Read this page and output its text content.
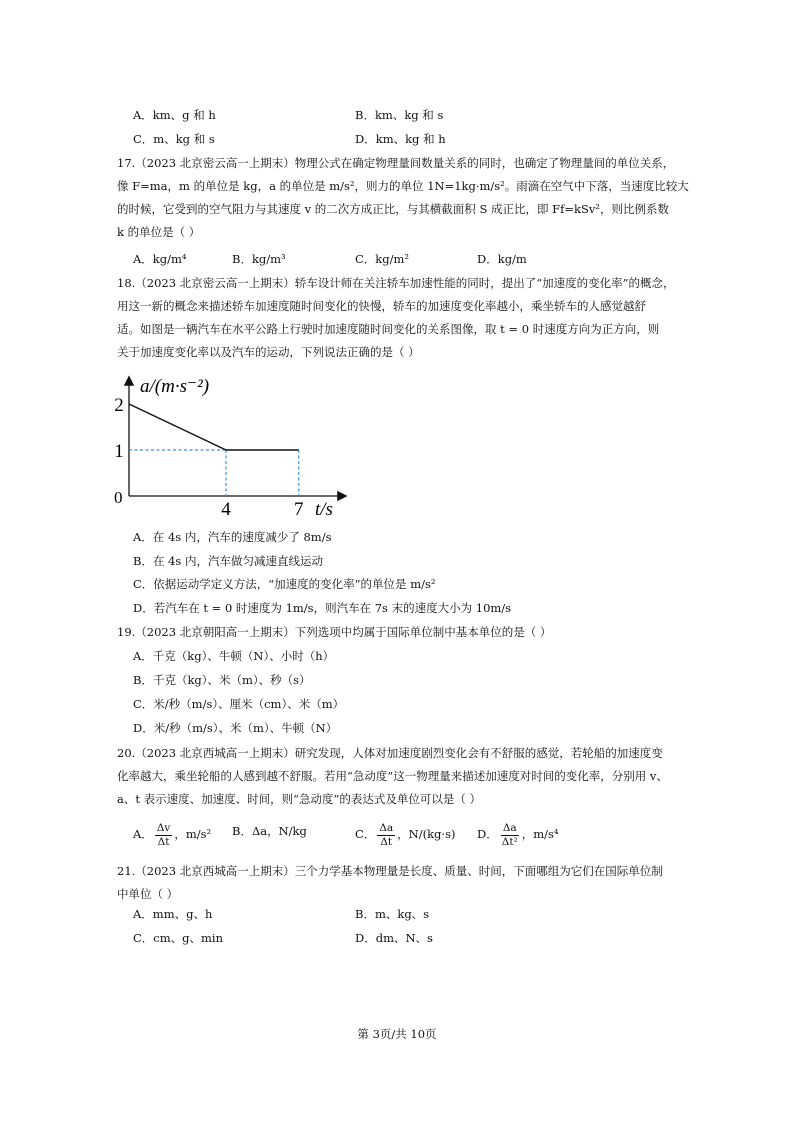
A．km、g 和 h	B．km、kg 和 s
C．m、kg 和 s	D．km、kg 和 h
17.（2023 北京密云高一上期末）物理公式在确定物理量间数量关系的同时，也确定了物理量间的单位关系，
像 F=ma，m 的单位是 kg，a 的单位是 m/s²，则力的单位 1N=1kg·m/s²。雨滴在空气中下落，当速度比较大
的时候，它受到的空气阻力与其速度 v 的二次方成正比，与其横截面积 S 成正比，即 Ff=kSv²，则比例系数
k 的单位是（ ）
A．kg/m⁴	B．kg/m³	C．kg/m²	D．kg/m
18.（2023 北京密云高一上期末）轿车设计师在关注轿车加速性能的同时，提出了“加速度的变化率”的概念，
用这一新的概念来描述轿车加速度随时间变化的快慢，轿车的加速度变化率越小，乘坐轿车的人感觉越舒
适。如图是一辆汽车在水平公路上行驶时加速度随时间变化的关系图像，取 t = 0 时速度方向为正方向，则
关于加速度变化率以及汽车的运动，下列说法正确的是（ ）
a/(m·s⁻²)
t/s
0
4	7
2
1
A．在 4s 内，汽车的速度减少了 8m/s
B．在 4s 内，汽车做匀减速直线运动
C．依据运动学定义方法，“加速度的变化率”的单位是 m/s²
D．若汽车在 t = 0 时速度为 1m/s，则汽车在 7s 末的速度大小为 10m/s
19.（2023 北京朝阳高一上期末）下列选项中均属于国际单位制中基本单位的是（ ）
A．千克（kg）、牛顿（N）、小时（h）
B．千克（kg）、米（m）、秒（s）
C．米/秒（m/s）、厘米（cm）、米（m）
D．米/秒（m/s）、米（m）、牛顿（N）
20.（2023 北京西城高一上期末）研究发现，人体对加速度剧烈变化会有不舒服的感觉，若轮船的加速度变
化率越大，乘坐轮船的人感到越不舒服。若用“急动度”这一物理量来描述加速度对时间的变化率，分别用 v、
a、t 表示速度、加速度、时间，则“急动度”的表达式及单位可以是（ ）
A． $\frac{\Delta v}{\Delta t}$ ，m/s² B．Δa，N/kg	C． $\frac{\Delta a}{\Delta t}$ ，N/(kg·s) D． $\frac{\Delta a}{\text{Δt²}}$ ，m/s⁴
21.（2023 北京西城高一上期末）三个力学基本物理量是长度、质量、时间，下面哪组为它们在国际单位制
中单位（ ）
A．mm、g、h	B．m、kg、s
C．cm、g、min	D．dm、N、s
第 3页/共 10页
